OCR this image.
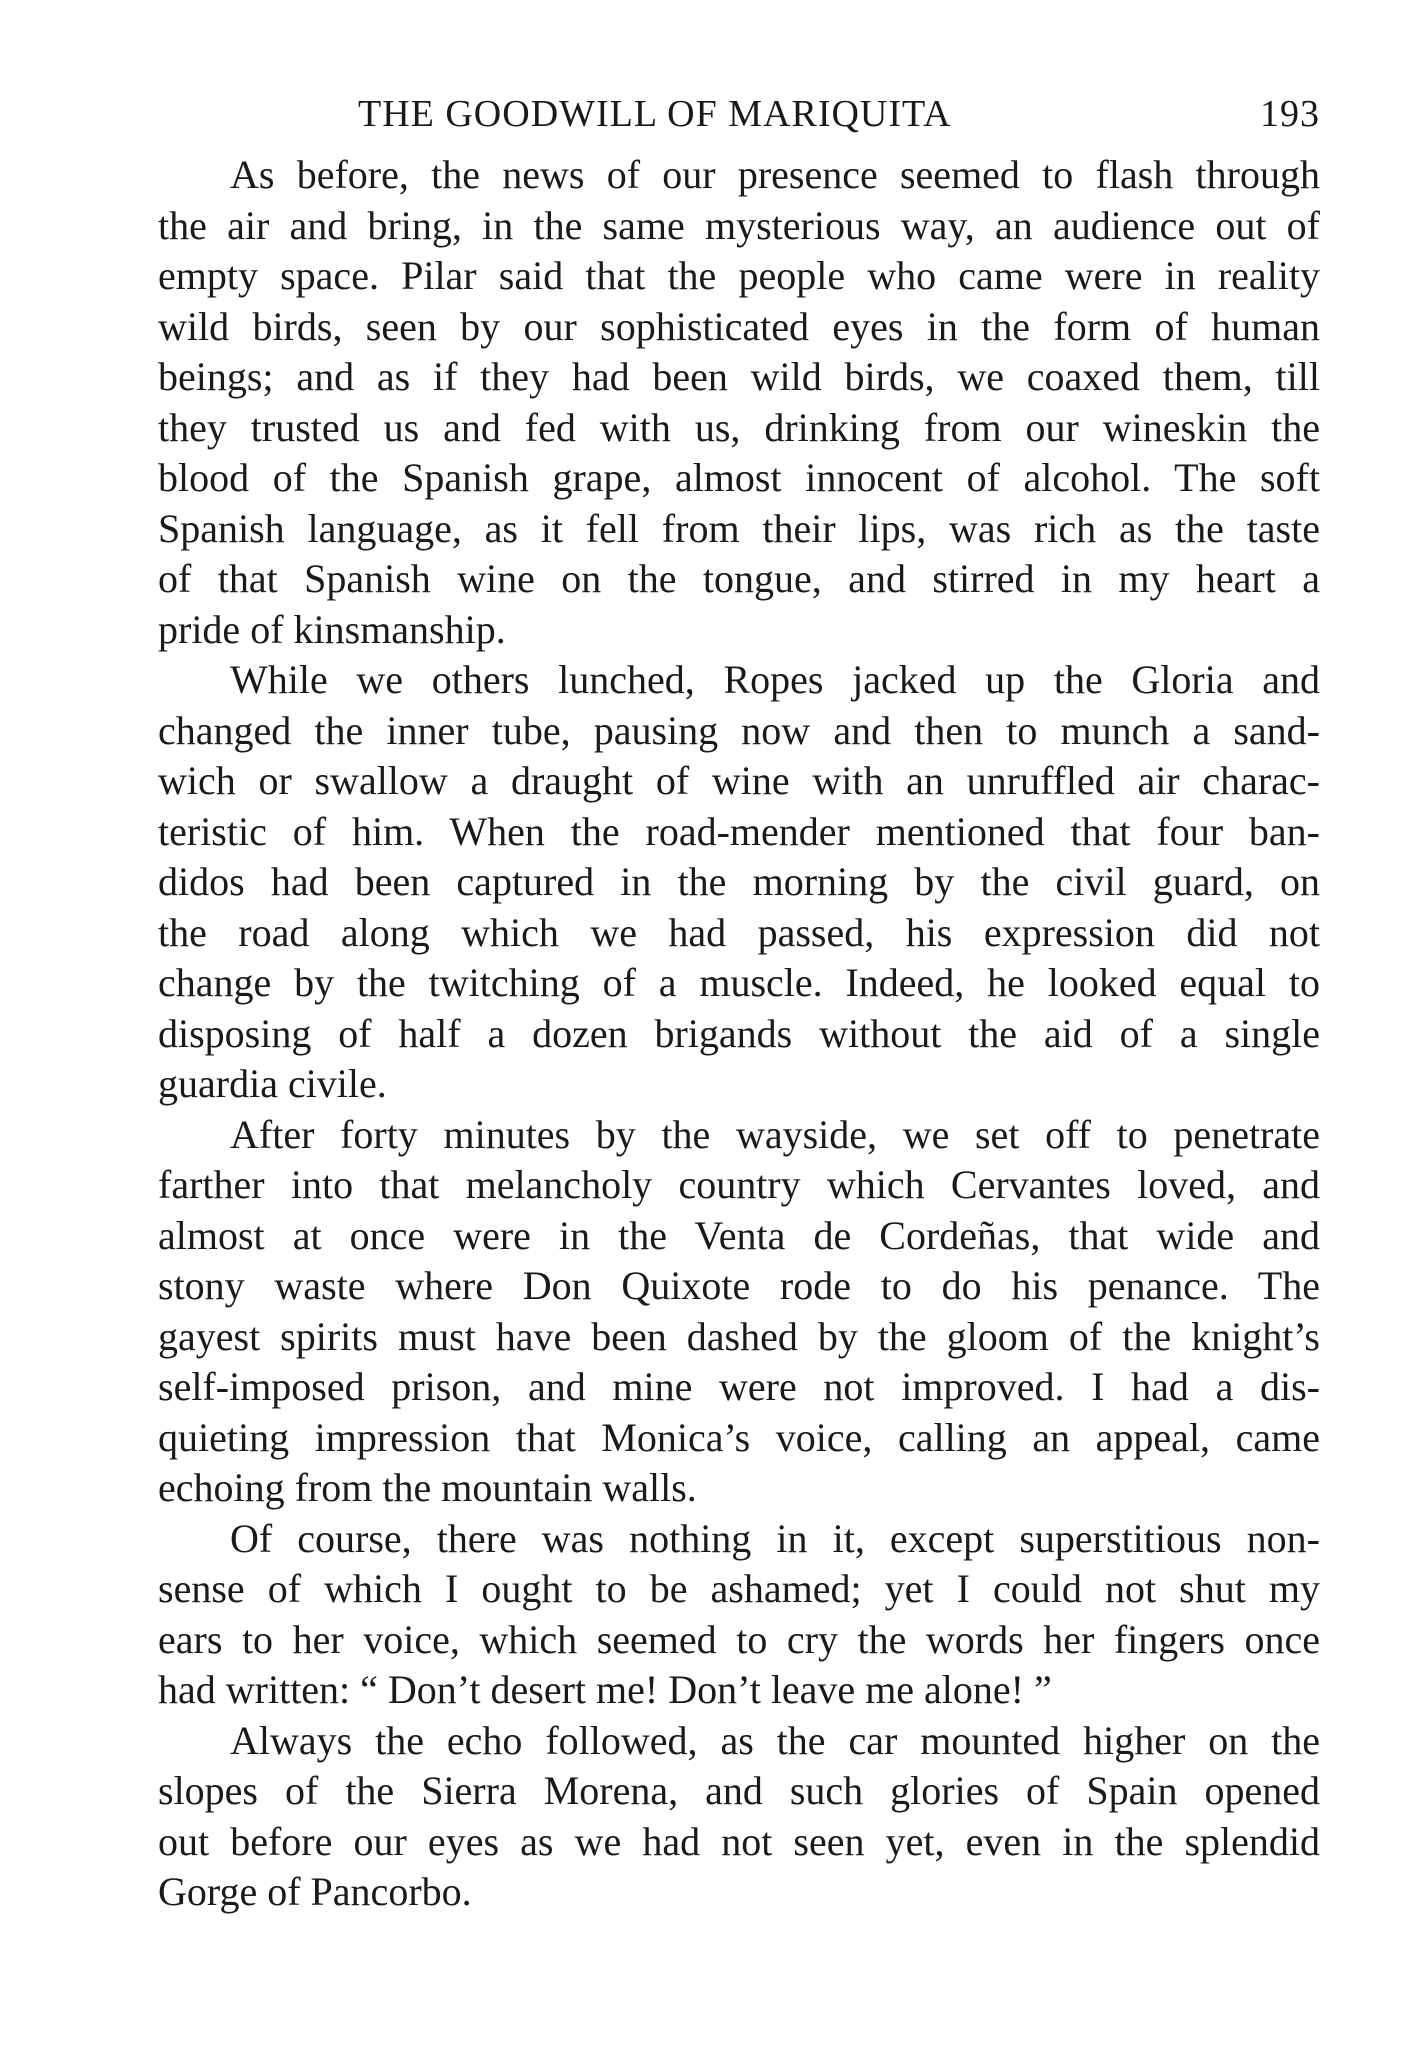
THE GOODWILL OF MARIQUITA	193

As before, the news of our presence seemed to flash through
the air and bring, in the same mysterious way, an audience out of
empty space. Pilar said that the people who came were in reality
wild birds, seen by our sophisticated eyes in the form of human
beings; and as if they had been wild birds, we coaxed them, till
they trusted us and fed with us, drinking from our wineskin the
blood of the Spanish grape, almost innocent of alcohol. The soft
Spanish language, as it fell from their lips, was rich as the taste
of that Spanish wine on the tongue, and stirred in my heart a
pride of kinsmanship.

While we others lunched, Ropes jacked up the Gloria and
changed the inner tube, pausing now and then to munch a sand-
wich or swallow a draught of wine with an unruffled air charac-
teristic of him. When the road-mender mentioned that four ban-
didos had been captured in the morning by the civil guard, on
the road along which we had passed, his expression did not
change by the twitching of a muscle. Indeed, he looked equal to
disposing of half a dozen brigands without the aid of a single
guardia civile.

After forty minutes by the wayside, we set off to penetrate
farther into that melancholy country which Cervantes loved, and
almost at once were in the Venta de Cordeñas, that wide and
stony waste where Don Quixote rode to do his penance. The
gayest spirits must have been dashed by the gloom of the knight’s
self-imposed prison, and mine were not improved. I had a dis-
quieting impression that Monica’s voice, calling an appeal, came
echoing from the mountain walls.

Of course, there was nothing in it, except superstitious non-
sense of which I ought to be ashamed; yet I could not shut my
ears to her voice, which seemed to cry the words her fingers once
had written: “ Don’t desert me! Don’t leave me alone! ”

Always the echo followed, as the car mounted higher on the
slopes of the Sierra Morena, and such glories of Spain opened
out before our eyes as we had not seen yet, even in the splendid
Gorge of Pancorbo.
